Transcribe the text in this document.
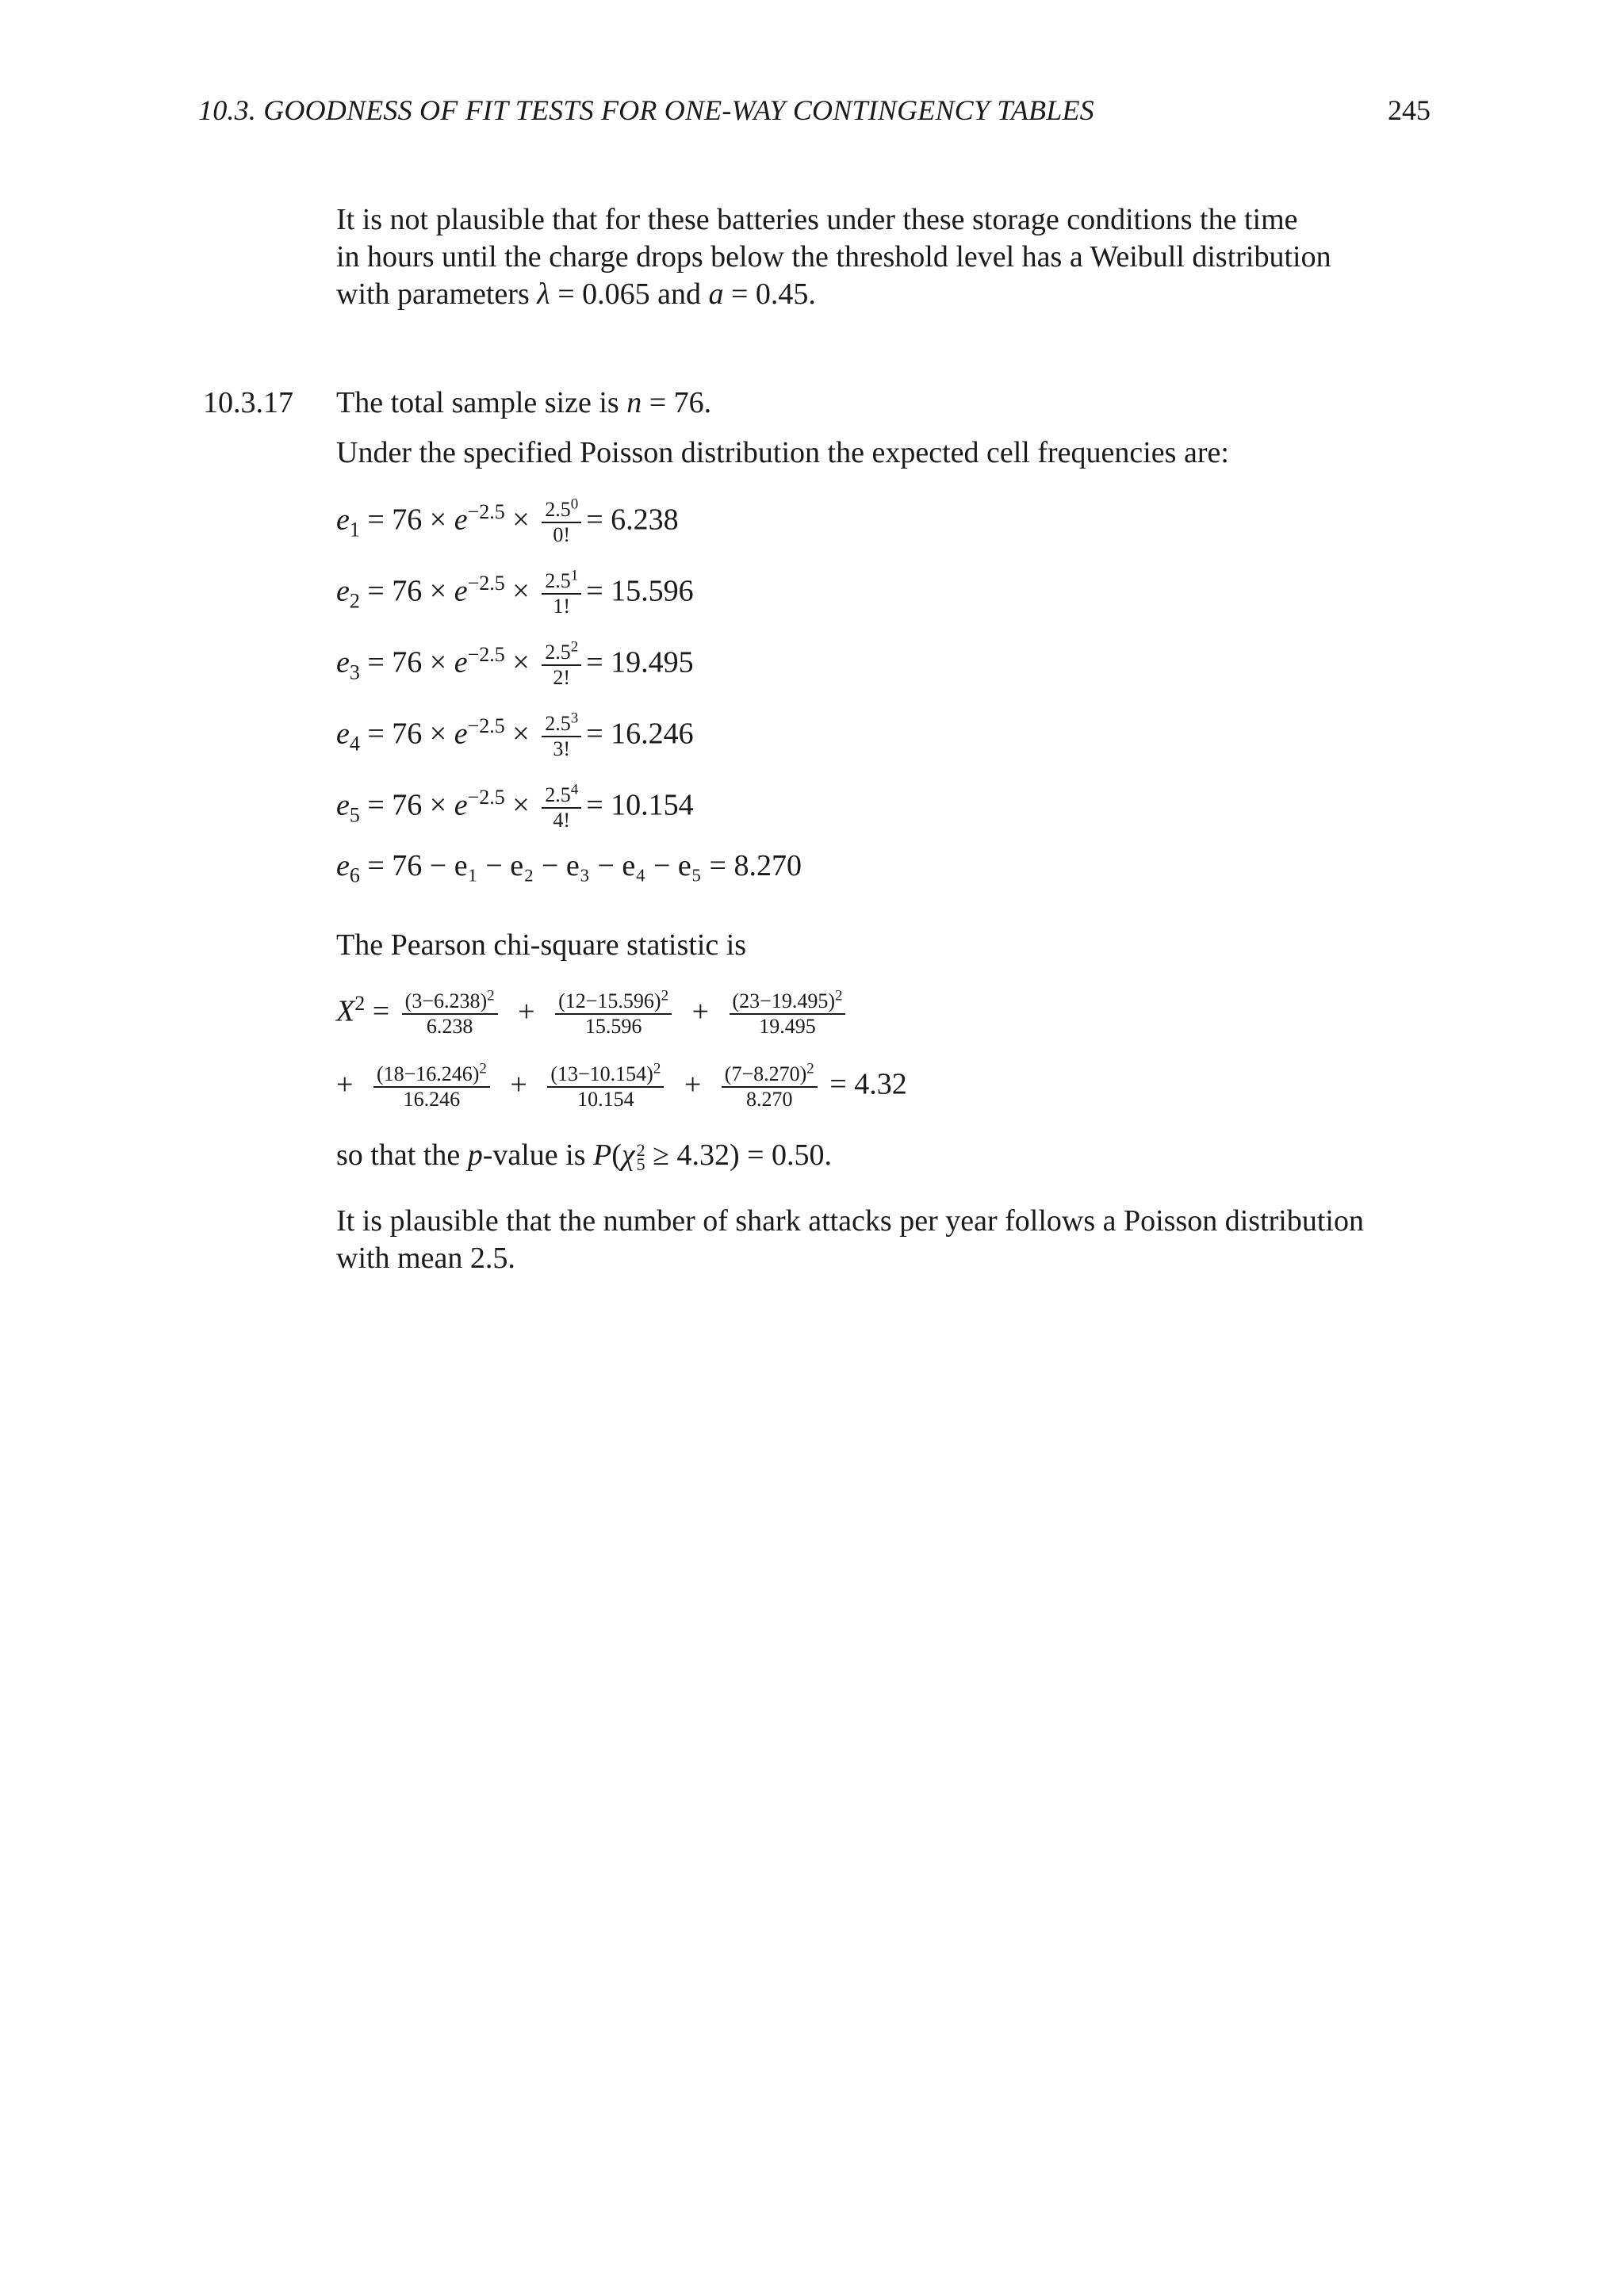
10.3. GOODNESS OF FIT TESTS FOR ONE-WAY CONTINGENCY TABLES	245
It is not plausible that for these batteries under these storage conditions the time
in hours until the charge drops below the threshold level has a Weibull distribution
with parameters λ = 0.065 and a = 0.45.
10.3.17 The total sample size is n = 76.
Under the specified Poisson distribution the expected cell frequencies are:
$e_1 = 76 \times e^{-2.5} \times \frac{2.5^0}{0!} = 6.238$
$e_2 = 76 \times e^{-2.5} \times \frac{2.5^1}{1!} = 15.596$
$e_3 = 76 \times e^{-2.5} \times \frac{2.5^2}{2!} = 19.495$
$e_4 = 76 \times e^{-2.5} \times \frac{2.5^3}{3!} = 16.246$
$e_5 = 76 \times e^{-2.5} \times \frac{2.5^4}{4!} = 10.154$
$e_6 = 76 - e_1 - e_2 - e_3 - e_4 - e_5 = 8.270$
The Pearson chi-square statistic is
$X^2 = \frac{(3-6.238)^2}{6.238} + \frac{(12-15.596)^2}{15.596} + \frac{(23-19.495)^2}{19.495}$
+ $\frac{(18-16.246)^2}{16.246} + \frac{(13-10.154)^2}{10.154} + \frac{(7-8.270)^2}{8.270} = 4.32$
so that the p-value is P(χ 2
5 ≥ 4.32) = 0.50.
It is plausible that the number of shark attacks per year follows a Poisson distribution
with mean 2.5.
